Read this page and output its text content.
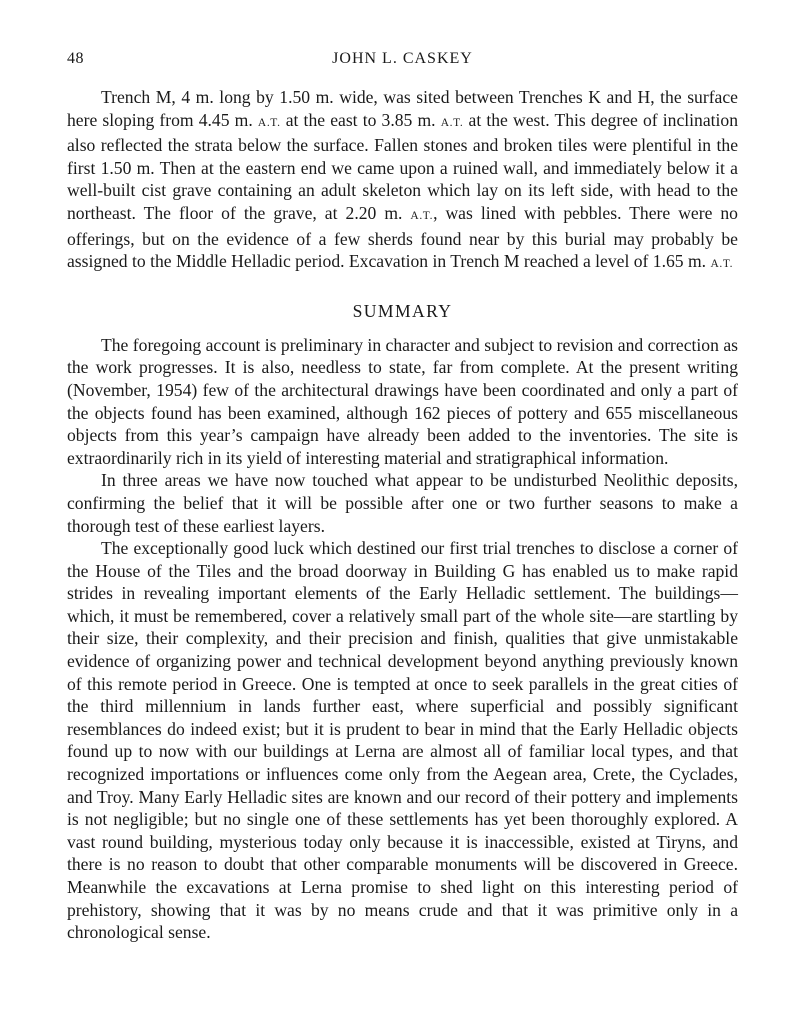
48	JOHN L. CASKEY

Trench M, 4 m. long by 1.50 m. wide, was sited between Trenches K and H, the surface here sloping from 4.45 m. A.T. at the east to 3.85 m. A.T. at the west. This degree of inclination also reflected the strata below the surface. Fallen stones and broken tiles were plentiful in the first 1.50 m. Then at the eastern end we came upon a ruined wall, and immediately below it a well-built cist grave containing an adult skeleton which lay on its left side, with head to the northeast. The floor of the grave, at 2.20 m. A.T., was lined with pebbles. There were no offerings, but on the evidence of a few sherds found near by this burial may probably be assigned to the Middle Helladic period. Excavation in Trench M reached a level of 1.65 m. A.T.

SUMMARY

The foregoing account is preliminary in character and subject to revision and correction as the work progresses. It is also, needless to state, far from complete. At the present writing (November, 1954) few of the architectural drawings have been coordinated and only a part of the objects found has been examined, although 162 pieces of pottery and 655 miscellaneous objects from this year’s campaign have already been added to the inventories. The site is extraordinarily rich in its yield of interesting material and stratigraphical information.

In three areas we have now touched what appear to be undisturbed Neolithic deposits, confirming the belief that it will be possible after one or two further seasons to make a thorough test of these earliest layers.

The exceptionally good luck which destined our first trial trenches to disclose a corner of the House of the Tiles and the broad doorway in Building G has enabled us to make rapid strides in revealing important elements of the Early Helladic settlement. The buildings—which, it must be remembered, cover a relatively small part of the whole site—are startling by their size, their complexity, and their precision and finish, qualities that give unmistakable evidence of organizing power and technical development beyond anything previously known of this remote period in Greece. One is tempted at once to seek parallels in the great cities of the third millennium in lands further east, where superficial and possibly significant resemblances do indeed exist; but it is prudent to bear in mind that the Early Helladic objects found up to now with our buildings at Lerna are almost all of familiar local types, and that recognized importations or influences come only from the Aegean area, Crete, the Cyclades, and Troy. Many Early Helladic sites are known and our record of their pottery and implements is not negligible; but no single one of these settlements has yet been thoroughly explored. A vast round building, mysterious today only because it is inaccessible, existed at Tiryns, and there is no reason to doubt that other comparable monuments will be discovered in Greece. Meanwhile the excavations at Lerna promise to shed light on this interesting period of prehistory, showing that it was by no means crude and that it was primitive only in a chronological sense.
